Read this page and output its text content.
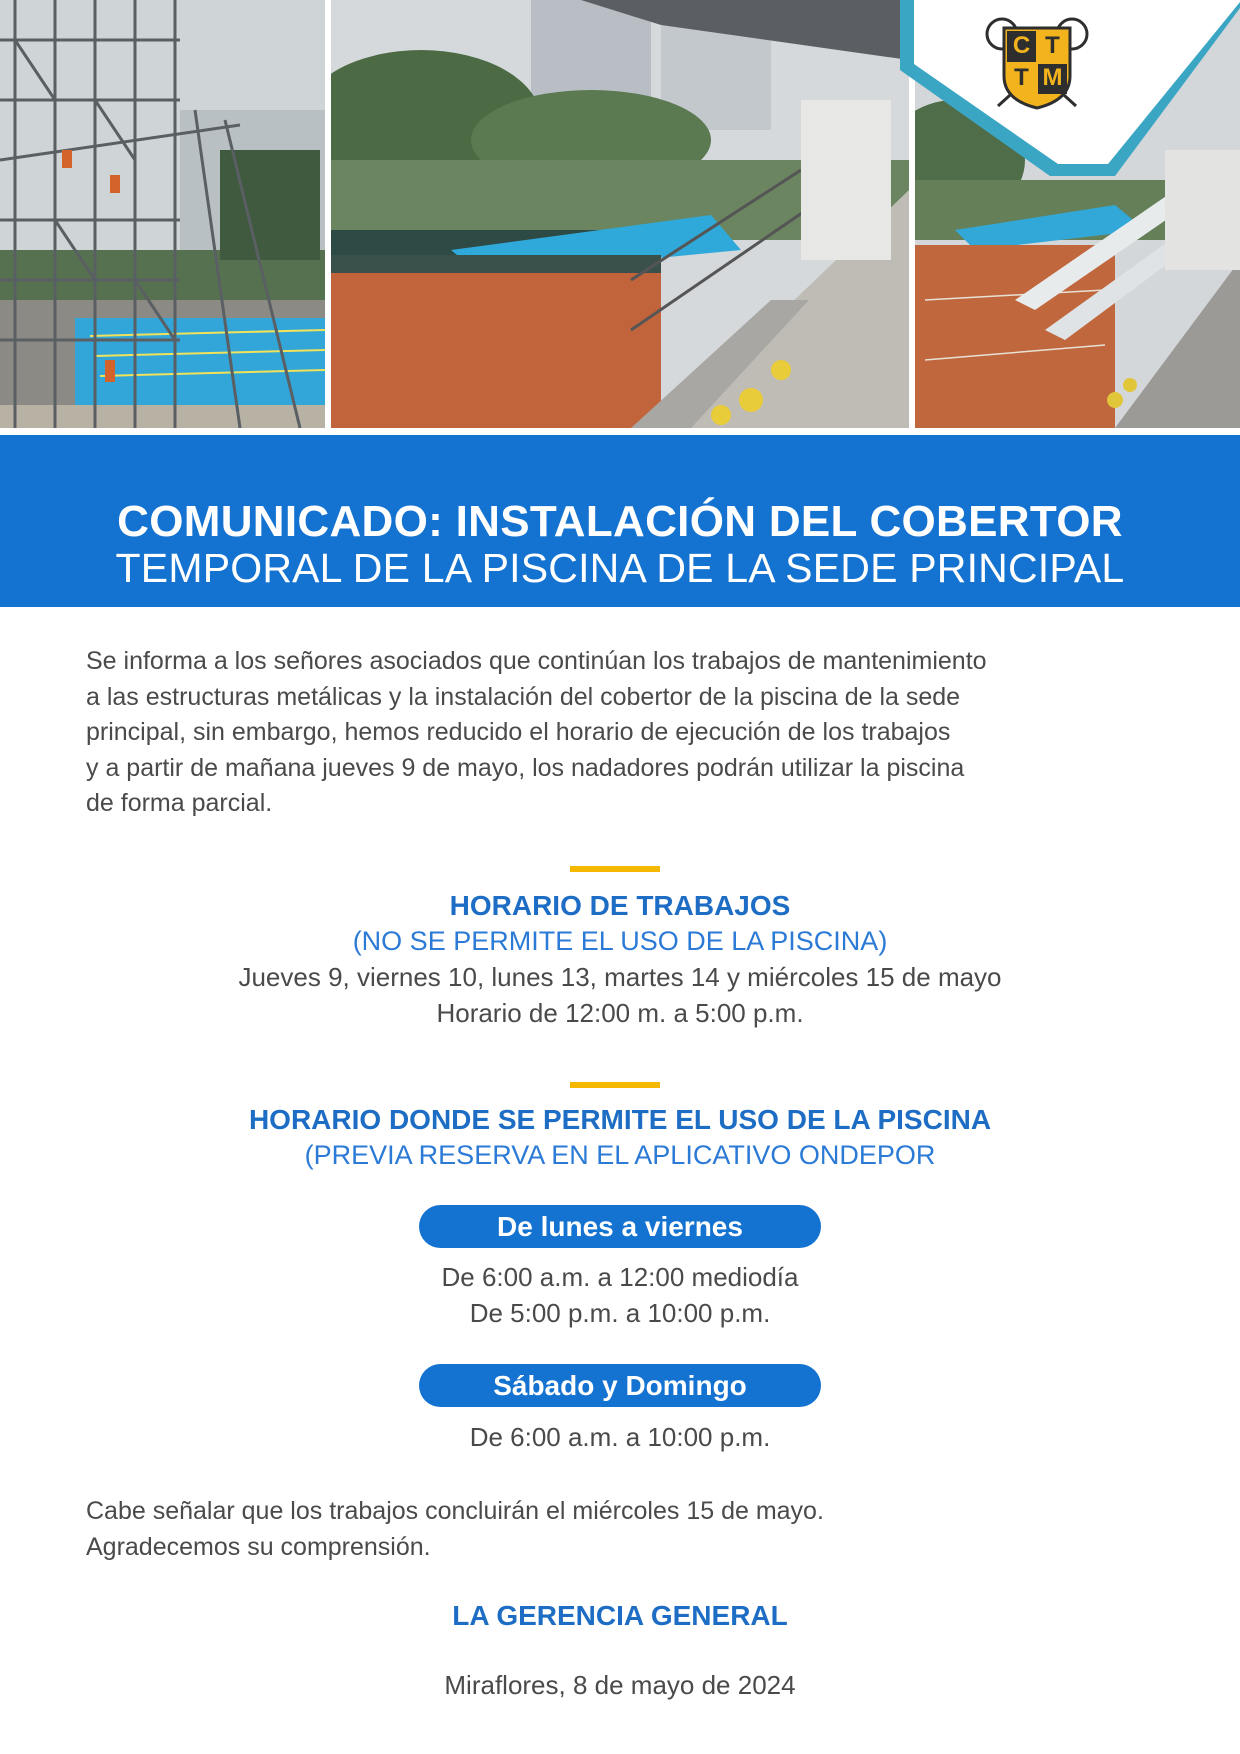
C T
T M
COMUNICADO: INSTALACIÓN DEL COBERTOR
TEMPORAL DE LA PISCINA DE LA SEDE PRINCIPAL

Se informa a los señores asociados que continúan los trabajos de mantenimiento

a las estructuras metálicas y la instalación del cobertor de la piscina de la sede

principal, sin embargo, hemos reducido el horario de ejecución de los trabajos

y a partir de mañana jueves 9 de mayo, los nadadores podrán utilizar la piscina

de forma parcial.

HORARIO DE TRABAJOS
(NO SE PERMITE EL USO DE LA PISCINA)
Jueves 9, viernes 10, lunes 13, martes 14 y miércoles 15 de mayo
Horario de 12:00 m. a 5:00 p.m.
HORARIO DONDE SE PERMITE EL USO DE LA PISCINA
(PREVIA RESERVA EN EL APLICATIVO ONDEPOR
De lunes a viernes
De 6:00 a.m. a 12:00 mediodía
De 5:00 p.m. a 10:00 p.m.
Sábado y Domingo
De 6:00 a.m. a 10:00 p.m.

Cabe señalar que los trabajos concluirán el miércoles 15 de mayo.

Agradecemos su comprensión.

LA GERENCIA GENERAL
Miraflores, 8 de mayo de 2024
